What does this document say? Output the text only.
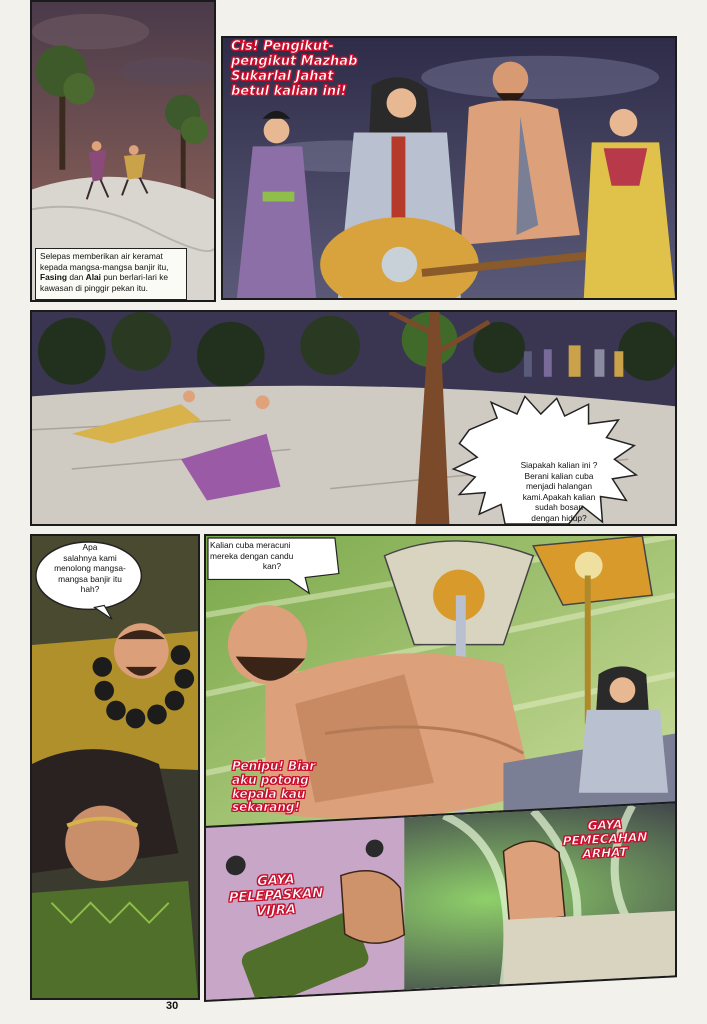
Selepas memberikan air keramat kepada mangsa-mangsa banjir itu, Fasing dan Alai pun berlari-lari ke kawasan di pinggir pekan itu.
Cis! Pengikut-
pengikut Mazhab
Sukarlal Jahat
betul kalian ini!
Siapakah kalian ini ?
Berani kalian cuba
menjadi halangan
kami.Apakah kalian
sudah bosan
dengan hidup?
Apa
salahnya kami
menolong mangsa-
mangsa banjir itu
hah?
Kalian cuba meracuni
mereka dengan candu
kan?
Penipu! Biar
aku potong
kepala kau
sekarang!
GAYA
PELEPASKAN
VIJRA
GAYA
PEMECAHAN
ARHAT
30
